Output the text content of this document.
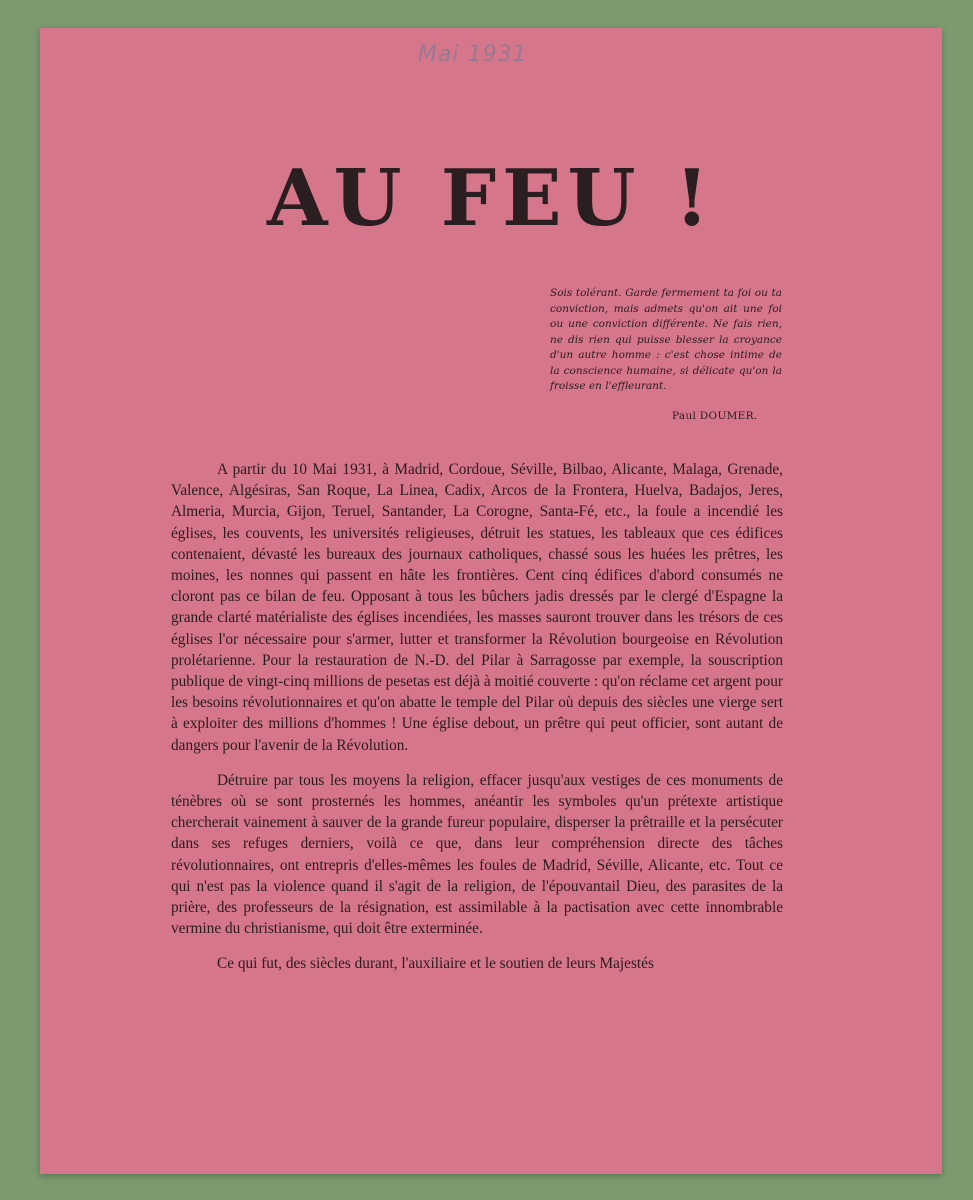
Mai 1931
AU FEU !
Sois tolérant. Garde fermement ta foi ou ta conviction, mais admets qu'on ait une foi ou une conviction différente. Ne fais rien, ne dis rien qui puisse blesser la croyance d'un autre homme : c'est chose intime de la conscience humaine, si délicate qu'on la froisse en l'effleurant.
Paul DOUMER.

A partir du 10 Mai 1931, à Madrid, Cordoue, Séville, Bilbao, Alicante, Malaga, Grenade, Valence, Algésiras, San Roque, La Linea, Cadix, Arcos de la Frontera, Huelva, Badajos, Jeres, Almeria, Murcia, Gijon, Teruel, Santander, La Corogne, Santa-Fé, etc., la foule a incendié les églises, les couvents, les universités religieuses, détruit les statues, les tableaux que ces édifices contenaient, dévasté les bureaux des journaux catholiques, chassé sous les huées les prêtres, les moines, les nonnes qui passent en hâte les frontières. Cent cinq édifices d'abord consumés ne cloront pas ce bilan de feu. Opposant à tous les bûchers jadis dressés par le clergé d'Espagne la grande clarté matérialiste des églises incendiées, les masses sauront trouver dans les trésors de ces églises l'or nécessaire pour s'armer, lutter et transformer la Révolution bourgeoise en Révolution prolétarienne. Pour la restauration de N.-D. del Pilar à Sarragosse par exemple, la souscription publique de vingt-cinq millions de pesetas est déjà à moitié couverte : qu'on réclame cet argent pour les besoins révolutionnaires et qu'on abatte le temple del Pilar où depuis des siècles une vierge sert à exploiter des millions d'hommes ! Une église debout, un prêtre qui peut officier, sont autant de dangers pour l'avenir de la Révolution.

Détruire par tous les moyens la religion, effacer jusqu'aux vestiges de ces monuments de ténèbres où se sont prosternés les hommes, anéantir les symboles qu'un prétexte artistique chercherait vainement à sauver de la grande fureur populaire, disperser la prêtraille et la persécuter dans ses refuges derniers, voilà ce que, dans leur compréhension directe des tâches révolutionnaires, ont entrepris d'elles-mêmes les foules de Madrid, Séville, Alicante, etc. Tout ce qui n'est pas la violence quand il s'agit de la religion, de l'épouvantail Dieu, des parasites de la prière, des professeurs de la résignation, est assimilable à la pactisation avec cette innombrable vermine du christianisme, qui doit être exterminée.

Ce qui fut, des siècles durant, l'auxiliaire et le soutien de leurs Majestés
